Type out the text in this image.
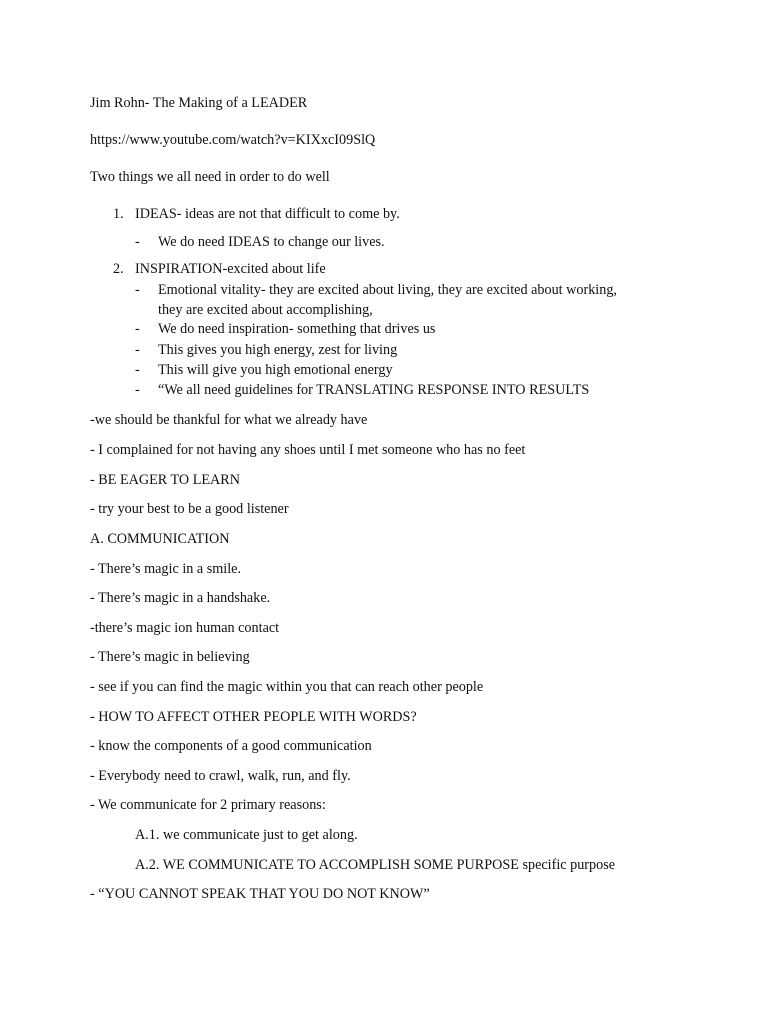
Jim Rohn- The Making of a LEADER
https://www.youtube.com/watch?v=KIXxcI09SlQ
Two things we all need in order to do well
1. IDEAS- ideas are not that difficult to come by.
- We do need IDEAS to change our lives.
2. INSPIRATION-excited about life
- Emotional vitality- they are excited about living, they are excited about working,
they are excited about accomplishing,
- We do need inspiration- something that drives us
- This gives you high energy, zest for living
- This will give you high emotional energy
- “We all need guidelines for TRANSLATING RESPONSE INTO RESULTS
-we should be thankful for what we already have
- I complained for not having any shoes until I met someone who has no feet
- BE EAGER TO LEARN
- try your best to be a good listener
A. COMMUNICATION
- There’s magic in a smile.
- There’s magic in a handshake.
-there’s magic ion human contact
- There’s magic in believing
- see if you can find the magic within you that can reach other people
- HOW TO AFFECT OTHER PEOPLE WITH WORDS?
- know the components of a good communication
- Everybody need to crawl, walk, run, and fly.
- We communicate for 2 primary reasons:
A.1. we communicate just to get along.
A.2. WE COMMUNICATE TO ACCOMPLISH SOME PURPOSE specific purpose
- “YOU CANNOT SPEAK THAT YOU DO NOT KNOW”
